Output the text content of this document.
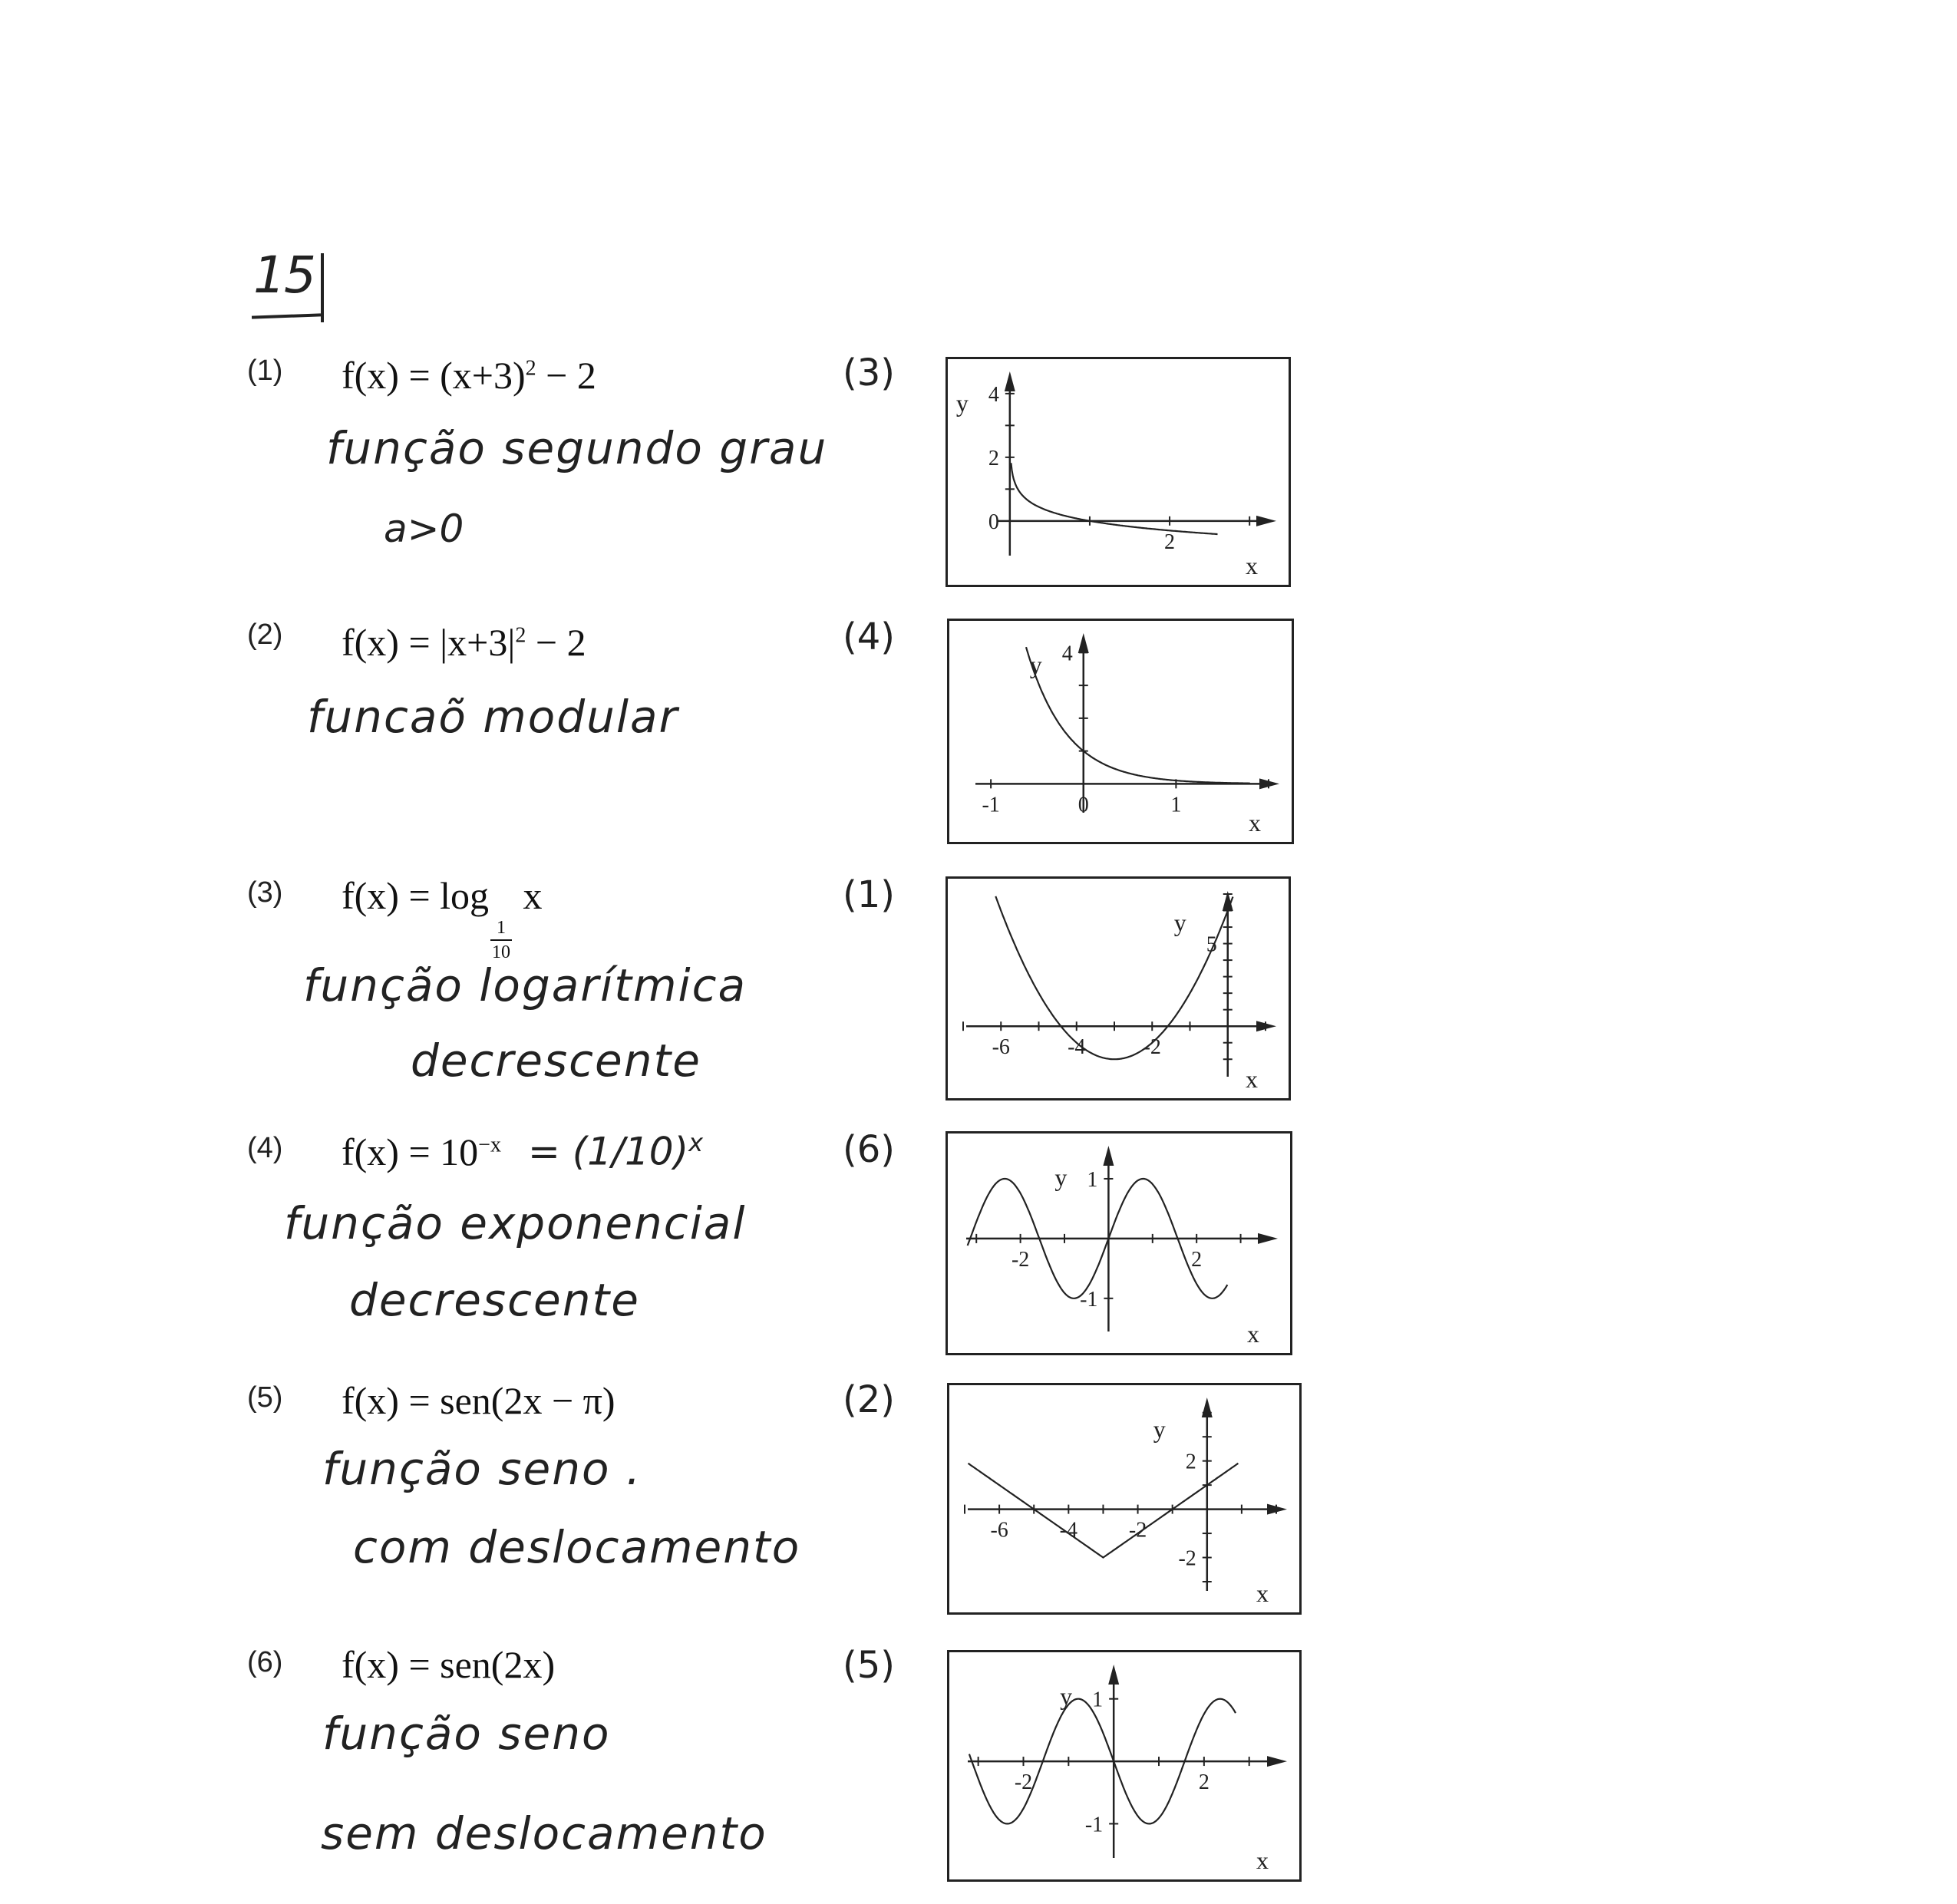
15
(1) $f(x) = (x+3)^2 - 2$
função segundo grau
a>0
(3)
(2) $f(x) = |x+3|^2 - 2$
funcaõ modular
(4)
(3) f(x) = log
$\frac{1}{10}$
x
função logarítmica
decrescente
(1)
(4) $f(x) = 10^{-x} = (1/10)^x$
função exponencial
decrescente
(6)
(5) f(x) = sen(2x − π)
função seno .
com deslocamento
(2)
(6) f(x) = sen(2x)
função seno
sem deslocamento
(5)
2
4
2
0
x
y
-1	0	1
4
x
y
-6	-4	-2
5
x
y
-2	2
1
-1
x
y
-6 -4 -2
2
-2
x
y
-2	2
1
-1
x
y
